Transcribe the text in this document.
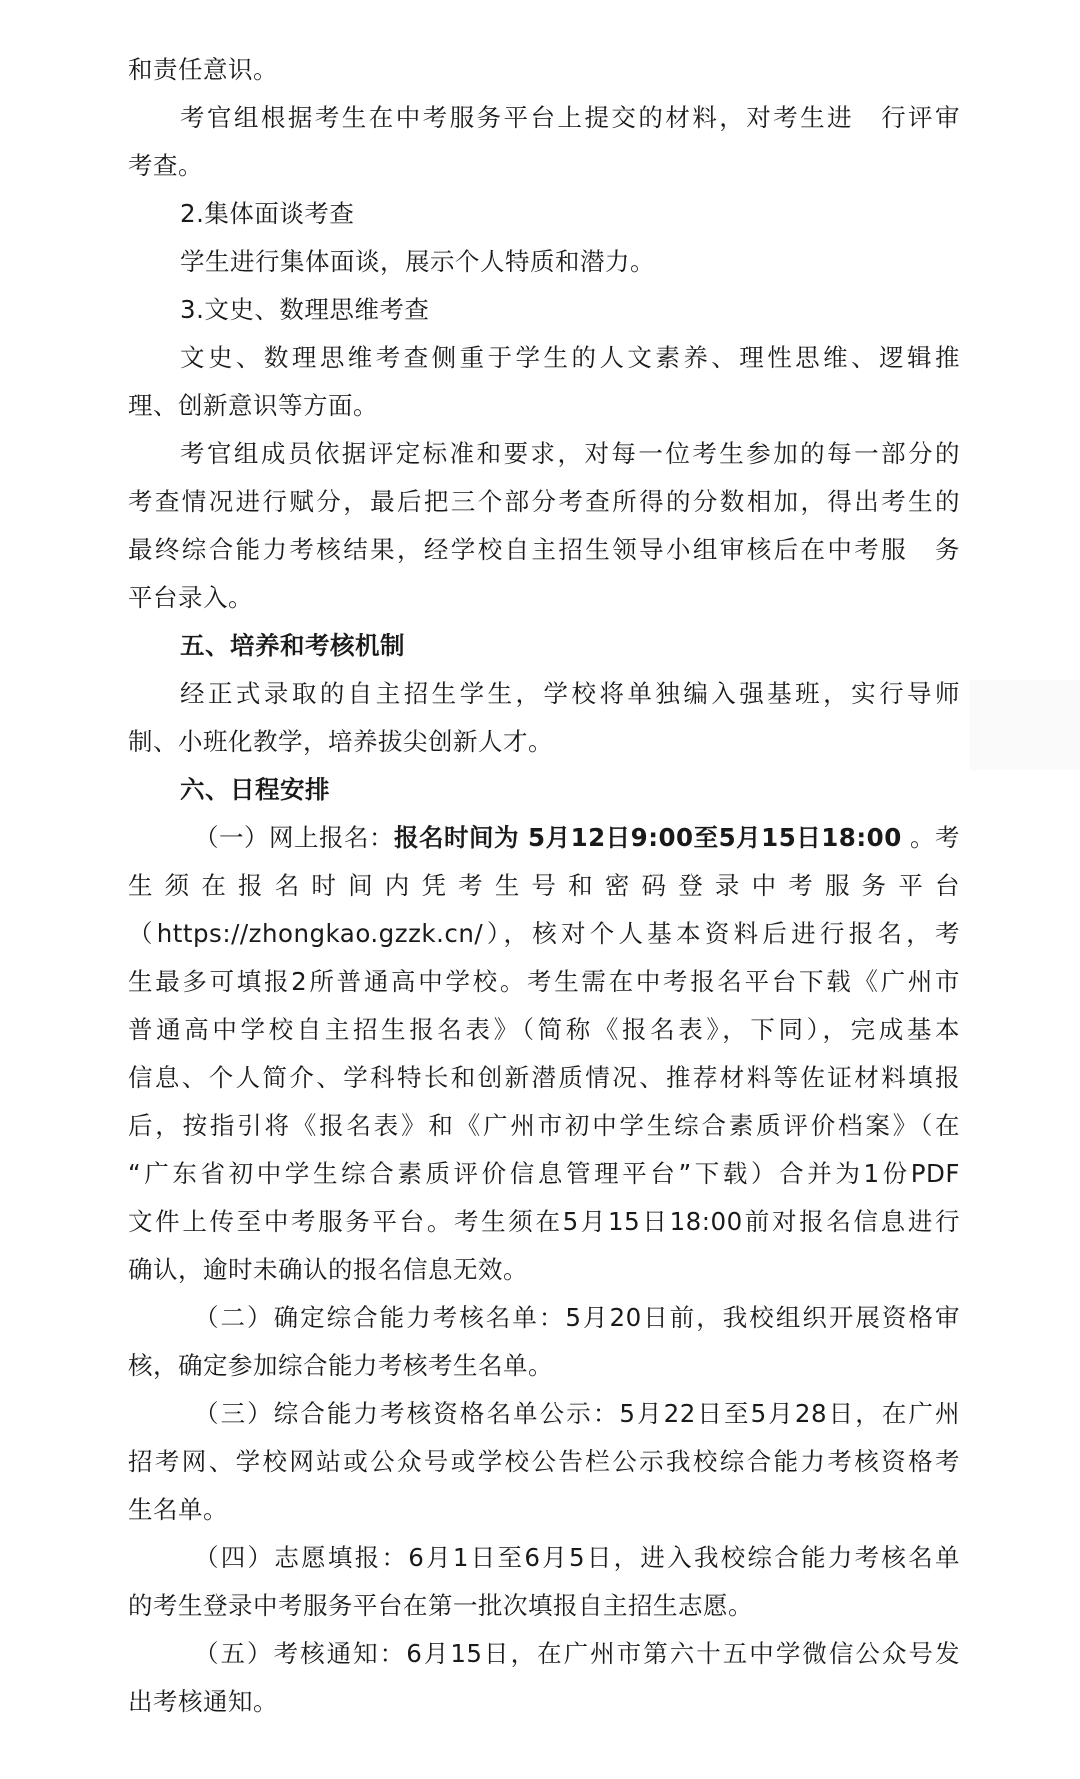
和责任意识。
考官组根据考生在中考服务平台上提交的材料，对考生进　行评审
考查。
2.集体面谈考查
学生进行集体面谈，展示个人特质和潜力。
3.文史、数理思维考查
文史、数理思维考查侧重于学生的人文素养、理性思维、逻辑推
理、创新意识等方面。
考官组成员依据评定标准和要求，对每一位考生参加的每一部分的
考查情况进行赋分，最后把三个部分考查所得的分数相加，得出考生的
最终综合能力考核结果，经学校自主招生领导小组审核后在中考服　务
平台录入。
五、培养和考核机制
经正式录取的自主招生学生，学校将单独编入强基班，实行导师
制、小班化教学，培养拔尖创新人才。
六、日程安排
（一）网上报名：报名时间为 5月12日9:00至5月15日18:00 。考
生须在报名时间内凭考生号和密码登录中考服务平台
（https://zhongkao.gzzk.cn/），核对个人基本资料后进行报名，考
生最多可填报2所普通高中学校。考生需在中考报名平台下载《广州市
普通高中学校自主招生报名表》（简称《报名表》，下同），完成基本
信息、个人简介、学科特长和创新潜质情况、推荐材料等佐证材料填报
后，按指引将《报名表》和《广州市初中学生综合素质评价档案》（在
“广东省初中学生综合素质评价信息管理平台”下载）合并为1份PDF
文件上传至中考服务平台。考生须在5月15日18:00前对报名信息进行
确认，逾时未确认的报名信息无效。
（二）确定综合能力考核名单：5月20日前，我校组织开展资格审
核，确定参加综合能力考核考生名单。
（三）综合能力考核资格名单公示：5月22日至5月28日，在广州
招考网、学校网站或公众号或学校公告栏公示我校综合能力考核资格考
生名单。
（四）志愿填报：6月1日至6月5日，进入我校综合能力考核名单
的考生登录中考服务平台在第一批次填报自主招生志愿。
（五）考核通知：6月15日，在广州市第六十五中学微信公众号发
出考核通知。
